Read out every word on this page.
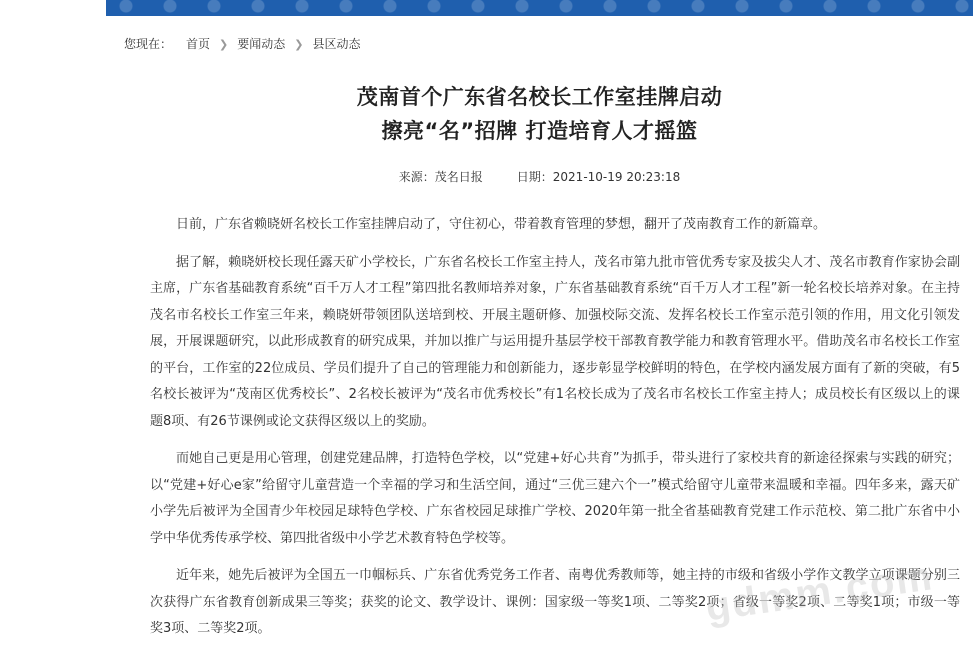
您现在： 首页 ❯ 要闻动态 ❯ 县区动态
茂南首个广东省名校长工作室挂牌启动
擦亮“名”招牌 打造培育人才摇篮
来源：茂名日报	日期：2021-10-19 20:23:18

日前，广东省赖晓妍名校长工作室挂牌启动了，守住初心，带着教育管理的梦想，翻开了茂南教育工作的新篇章。

据了解，赖晓妍校长现任露天矿小学校长，广东省名校长工作室主持人，茂名市第九批市管优秀专家及拔尖人才、茂名市教育作家协会副主席，广东省基础教育系统“百千万人才工程”第四批名教师培养对象，广东省基础教育系统“百千万人才工程”新一轮名校长培养对象。在主持茂名市名校长工作室三年来，赖晓妍带领团队送培到校、开展主题研修、加强校际交流、发挥名校长工作室示范引领的作用，用文化引领发展，开展课题研究，以此形成教育的研究成果，并加以推广与运用提升基层学校干部教育教学能力和教育管理水平。借助茂名市名校长工作室的平台，工作室的22位成员、学员们提升了自己的管理能力和创新能力，逐步彰显学校鲜明的特色，在学校内涵发展方面有了新的突破，有5名校长被评为“茂南区优秀校长”、2名校长被评为“茂名市优秀校长”有1名校长成为了茂名市名校长工作室主持人；成员校长有区级以上的课题8项、有26节课例或论文获得区级以上的奖励。

而她自己更是用心管理，创建党建品牌，打造特色学校，以“党建+好心共育”为抓手，带头进行了家校共育的新途径探索与实践的研究；以“党建+好心e家”给留守儿童营造一个幸福的学习和生活空间，通过“三优三建六个一”模式给留守儿童带来温暖和幸福。四年多来，露天矿小学先后被评为全国青少年校园足球特色学校、广东省校园足球推广学校、2020年第一批全省基础教育党建工作示范校、第二批广东省中小学中华优秀传承学校、第四批省级中小学艺术教育特色学校等。

近年来，她先后被评为全国五一巾帼标兵、广东省优秀党务工作者、南粤优秀教师等，她主持的市级和省级小学作文教学立项课题分别三次获得广东省教育创新成果三等奖；获奖的论文、教学设计、课例：国家级一等奖1项、二等奖2项；省级一等奖2项、二等奖1项；市级一等奖3项、二等奖2项。	gdmm.com
